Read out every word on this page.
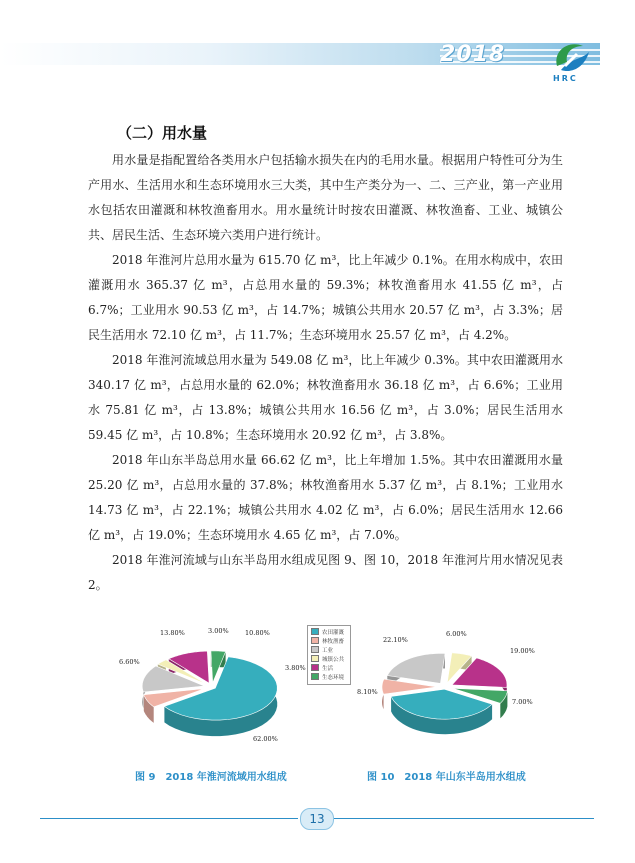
2018
HRC
（二）用水量

用水量是指配置给各类用水户包括输水损失在内的毛用水量。根据用户特性可分为生产用水、生活用水和生态环境用水三大类，其中生产类分为一、二、三产业，第一产业用水包括农田灌溉和林牧渔畜用水。用水量统计时按农田灌溉、林牧渔畜、工业、城镇公共、居民生活、生态环境六类用户进行统计。

2018 年淮河片总用水量为 615.70 亿 m³，比上年减少 0.1%。在用水构成中，农田灌溉用水 365.37 亿 m³，占总用水量的 59.3%；林牧渔畜用水 41.55 亿 m³，占 6.7%；工业用水 90.53 亿 m³，占 14.7%；城镇公共用水 20.57 亿 m³，占 3.3%；居民生活用水 72.10 亿 m³，占 11.7%；生态环境用水 25.57 亿 m³，占 4.2%。

2018 年淮河流域总用水量为 549.08 亿 m³，比上年减少 0.3%。其中农田灌溉用水 340.17 亿 m³，占总用水量的 62.0%；林牧渔畜用水 36.18 亿 m³，占 6.6%；工业用水 75.81 亿 m³，占 13.8%；城镇公共用水 16.56 亿 m³，占 3.0%；居民生活用水 59.45 亿 m³，占 10.8%；生态环境用水 20.92 亿 m³，占 3.8%。

2018 年山东半岛总用水量 66.62 亿 m³，比上年增加 1.5%。其中农田灌溉用水量 25.20 亿 m³，占总用水量的 37.8%；林牧渔畜用水 5.37 亿 m³，占 8.1%；工业用水 14.73 亿 m³，占 22.1%；城镇公共用水 4.02 亿 m³，占 6.0%；居民生活用水 12.66 亿 m³，占 19.0%；生态环境用水 4.65 亿 m³，占 7.0%。

2018 年淮河流域与山东半岛用水组成见图 9、图 10，2018 年淮河片用水情况见表 2。

13.80%	3.00%	10.80%
3.80%
6.60%
62.00%
农田灌溉
林牧渔畜
工业
城镇公共
生活
生态环境
22.10%
6.00%
19.00%
7.00%
8.10%
图 9　2018 年淮河流域用水组成	图 10　2018 年山东半岛用水组成
13
